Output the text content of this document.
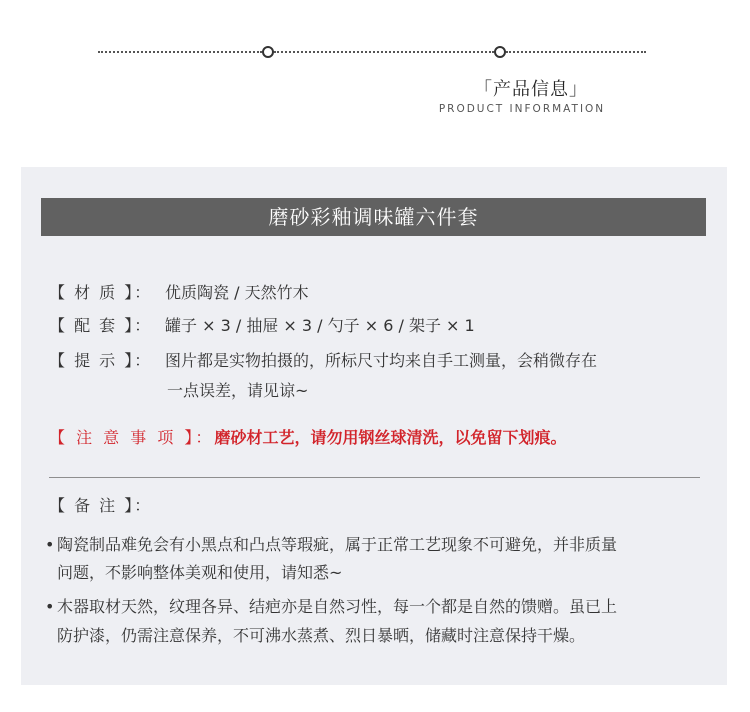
「产品信息」
PRODUCT INFORMATION
磨砂彩釉调味罐六件套
【 材 质 】： 优质陶瓷 / 天然竹木
【 配 套 】： 罐子 × 3 / 抽屉 × 3 / 勺子 × 6 / 架子 × 1
【 提 示 】： 图片都是实物拍摄的，所标尺寸均来自手工测量，会稍微存在
一点误差，请见谅~
【 注 意 事 项 】：磨砂材工艺，请勿用钢丝球清洗，以免留下划痕。
【 备 注 】：
• 陶瓷制品难免会有小黑点和凸点等瑕疵，属于正常工艺现象不可避免，并非质量
问题，不影响整体美观和使用，请知悉~
• 木器取材天然，纹理各异、结疤亦是自然习性，每一个都是自然的馈赠。虽已上
防护漆，仍需注意保养，不可沸水蒸煮、烈日暴晒，储藏时注意保持干燥。
